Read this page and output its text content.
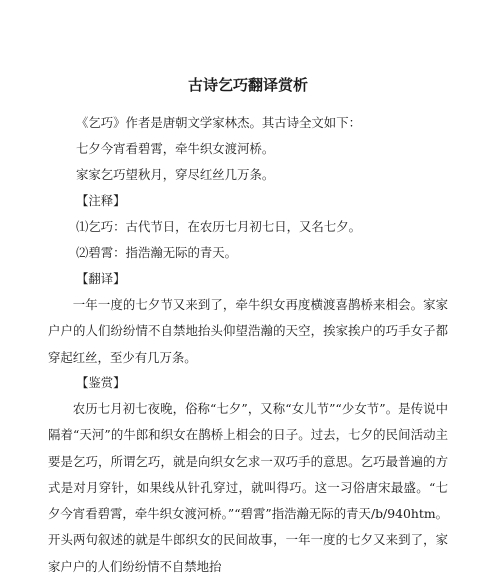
古诗乞巧翻译赏析
《乞巧》作者是唐朝文学家林杰。其古诗全文如下：
七夕今宵看碧霄，牵牛织女渡河桥。
家家乞巧望秋月，穿尽红丝几万条。
【注释】
⑴乞巧：古代节日，在农历七月初七日，又名七夕。
⑵碧霄：指浩瀚无际的青天。
【翻译】
一年一度的七夕节又来到了，牵牛织女再度横渡喜鹊桥来相会。家家户户的人们纷纷情不自禁地抬头仰望浩瀚的天空，挨家挨户的巧手女子都穿起红丝，至少有几万条。
【鉴赏】
农历七月初七夜晚，俗称“七夕”，又称“女儿节”“少女节”。是传说中隔着“天河”的牛郎和织女在鹊桥上相会的日子。过去，七夕的民间活动主要是乞巧，所谓乞巧，就是向织女乞求一双巧手的意思。乞巧最普遍的方式是对月穿针，如果线从针孔穿过，就叫得巧。这一习俗唐宋最盛。“七夕今宵看碧霄，牵牛织女渡河桥。”“碧霄”指浩瀚无际的青天/b/940htm。开头两句叙述的就是牛郎织女的民间故事，一年一度的七夕又来到了，家家户户的人们纷纷情不自禁地抬
